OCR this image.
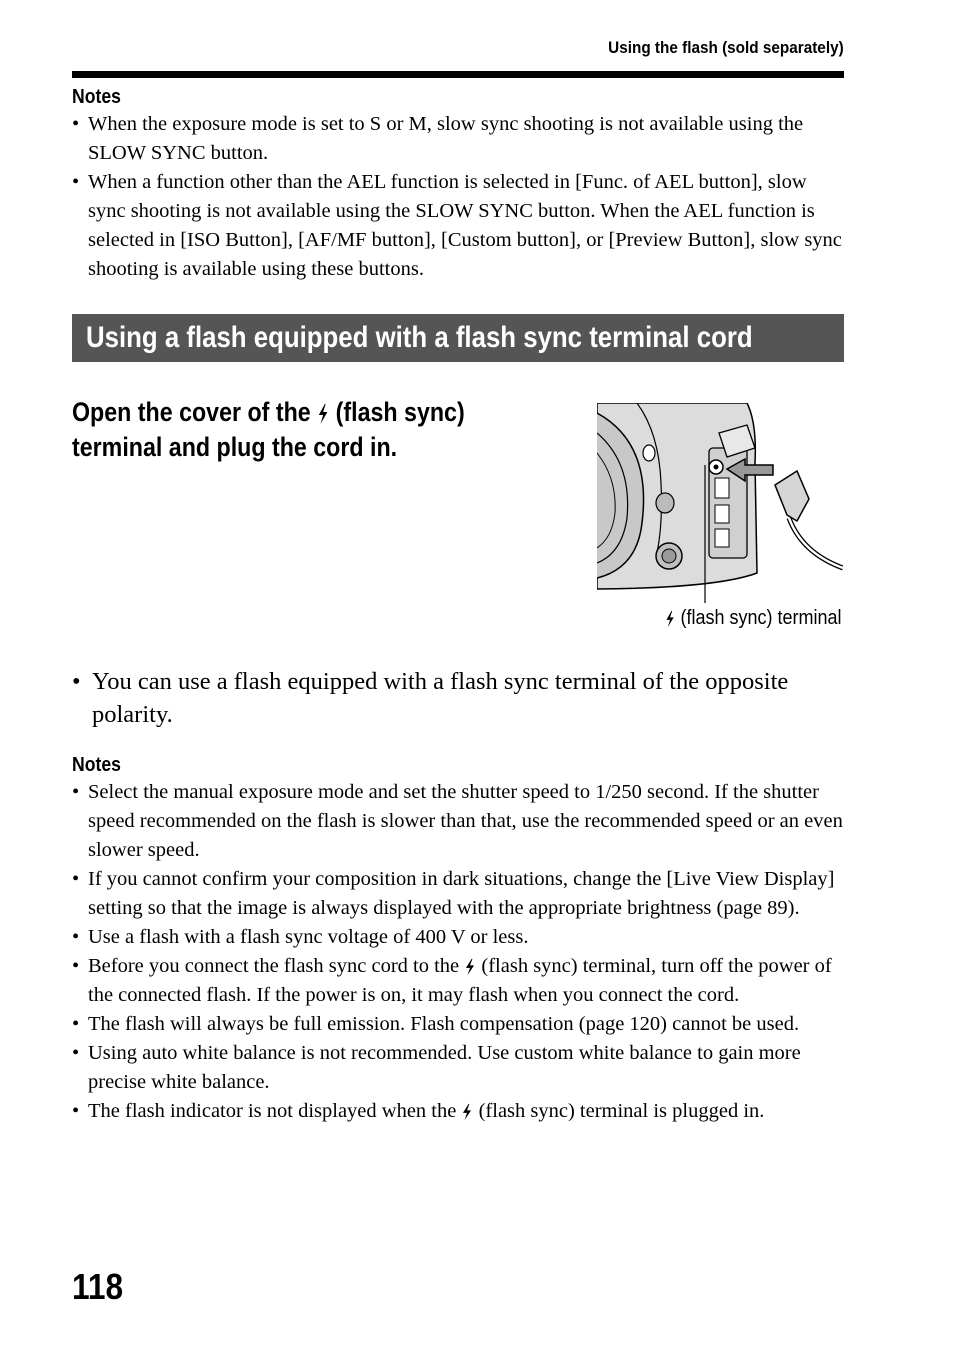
Using the flash (sold separately)
Notes
• When the exposure mode is set to S or M, slow sync shooting is not available using the SLOW SYNC button.
• When a function other than the AEL function is selected in [Func. of AEL button], slow sync shooting is not available using the SLOW SYNC button. When the AEL function is selected in [ISO Button], [AF/MF button], [Custom button], or [Preview Button], slow sync shooting is available using these buttons.
Using a flash equipped with a flash sync terminal cord
Open the cover of the (flash sync)
terminal and plug the cord in.
(flash sync) terminal
• You can use a flash equipped with a flash sync terminal of the opposite polarity.
Notes
• Select the manual exposure mode and set the shutter speed to 1/250 second. If the shutter speed recommended on the flash is slower than that, use the recommended speed or an even slower speed.
• If you cannot confirm your composition in dark situations, change the [Live View Display] setting so that the image is always displayed with the appropriate brightness (page 89).
• Use a flash with a flash sync voltage of 400 V or less.
• Before you connect the flash sync cord to the (flash sync) terminal, turn off the power of the connected flash. If the power is on, it may flash when you connect the cord.
• The flash will always be full emission. Flash compensation (page 120) cannot be used.
• Using auto white balance is not recommended. Use custom white balance to gain more precise white balance.
• The flash indicator is not displayed when the (flash sync) terminal is plugged in.
118
